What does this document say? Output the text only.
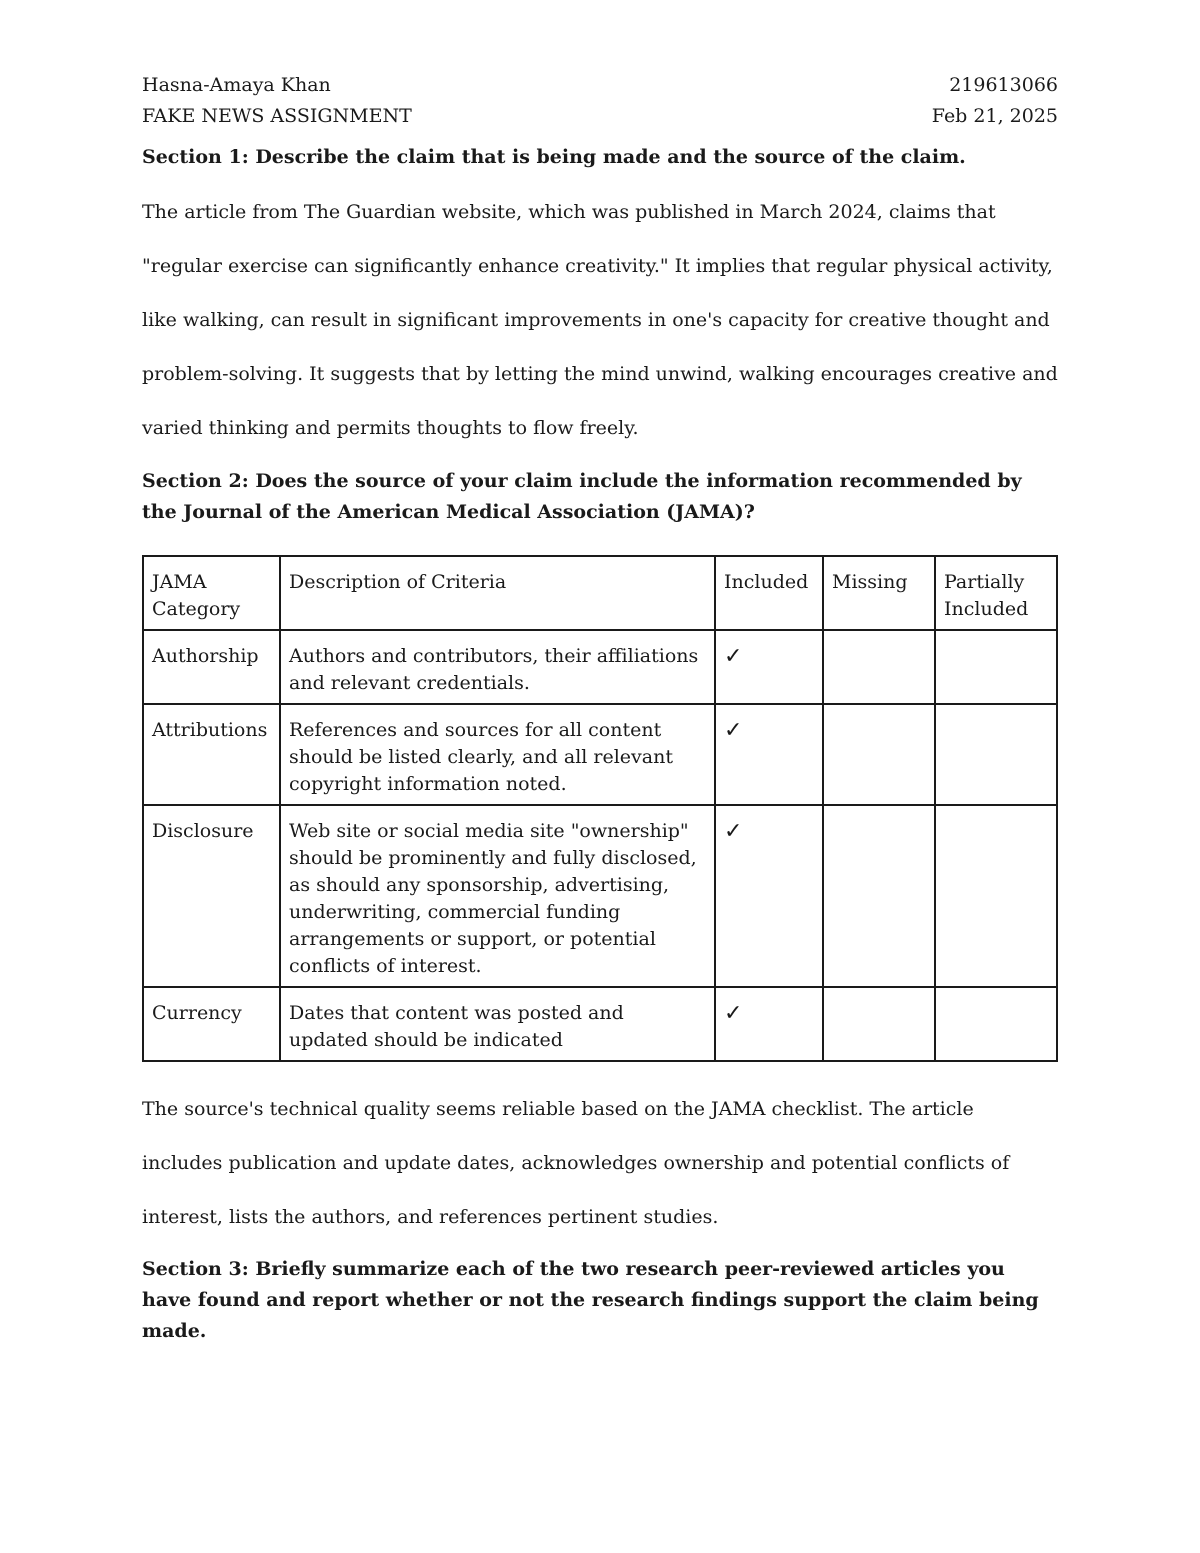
Hasna-Amaya Khan	219613066
FAKE NEWS ASSIGNMENT	Feb 21, 2025

Section 1: Describe the claim that is being made and the source of the claim.

The article from The Guardian website, which was published in March 2024, claims that "regular exercise can significantly enhance creativity." It implies that regular physical activity, like walking, can result in significant improvements in one's capacity for creative thought and problem-solving. It suggests that by letting the mind unwind, walking encourages creative and varied thinking and permits thoughts to flow freely.

Section 2: Does the source of your claim include the information recommended by the Journal of the American Medical Association (JAMA)?

JAMA Category	Description of Criteria	Included	Missing	Partially Included
Authorship	Authors and contributors, their affiliations and relevant credentials.	✓		
Attributions	References and sources for all content should be listed clearly, and all relevant copyright information noted.	✓		
Disclosure	Web site or social media site "ownership" should be prominently and fully disclosed, as should any sponsorship, advertising, underwriting, commercial funding arrangements or support, or potential conflicts of interest.	✓		
Currency	Dates that content was posted and updated should be indicated	✓		

The source's technical quality seems reliable based on the JAMA checklist. The article includes publication and update dates, acknowledges ownership and potential conflicts of interest, lists the authors, and references pertinent studies.

Section 3: Briefly summarize each of the two research peer-reviewed articles you have found and report whether or not the research findings support the claim being made.
